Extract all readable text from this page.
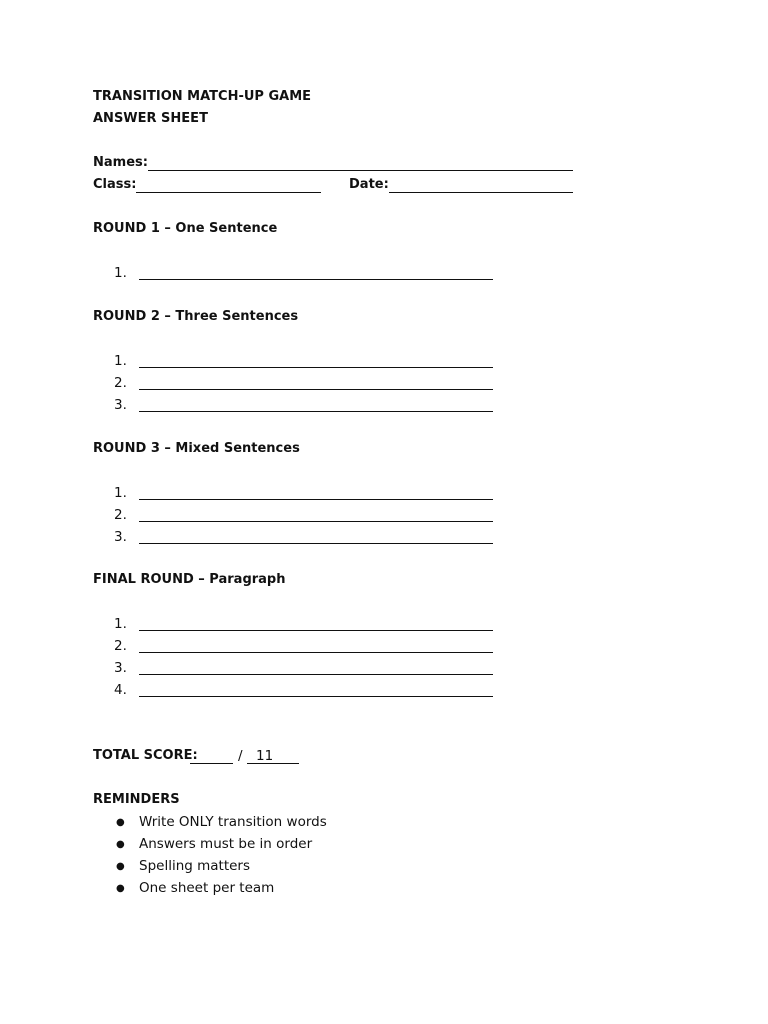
TRANSITION MATCH-UP GAME
ANSWER SHEET
Names:
Class:	Date:
ROUND 1 – One Sentence
1.
ROUND 2 – Three Sentences
1.
2.
3.
ROUND 3 – Mixed Sentences
1.
2.
3.
FINAL ROUND – Paragraph
1.
2.
3.
4.
TOTAL SCORE:	/ 11
REMINDERS
● Write ONLY transition words
● Answers must be in order
● Spelling matters
● One sheet per team
